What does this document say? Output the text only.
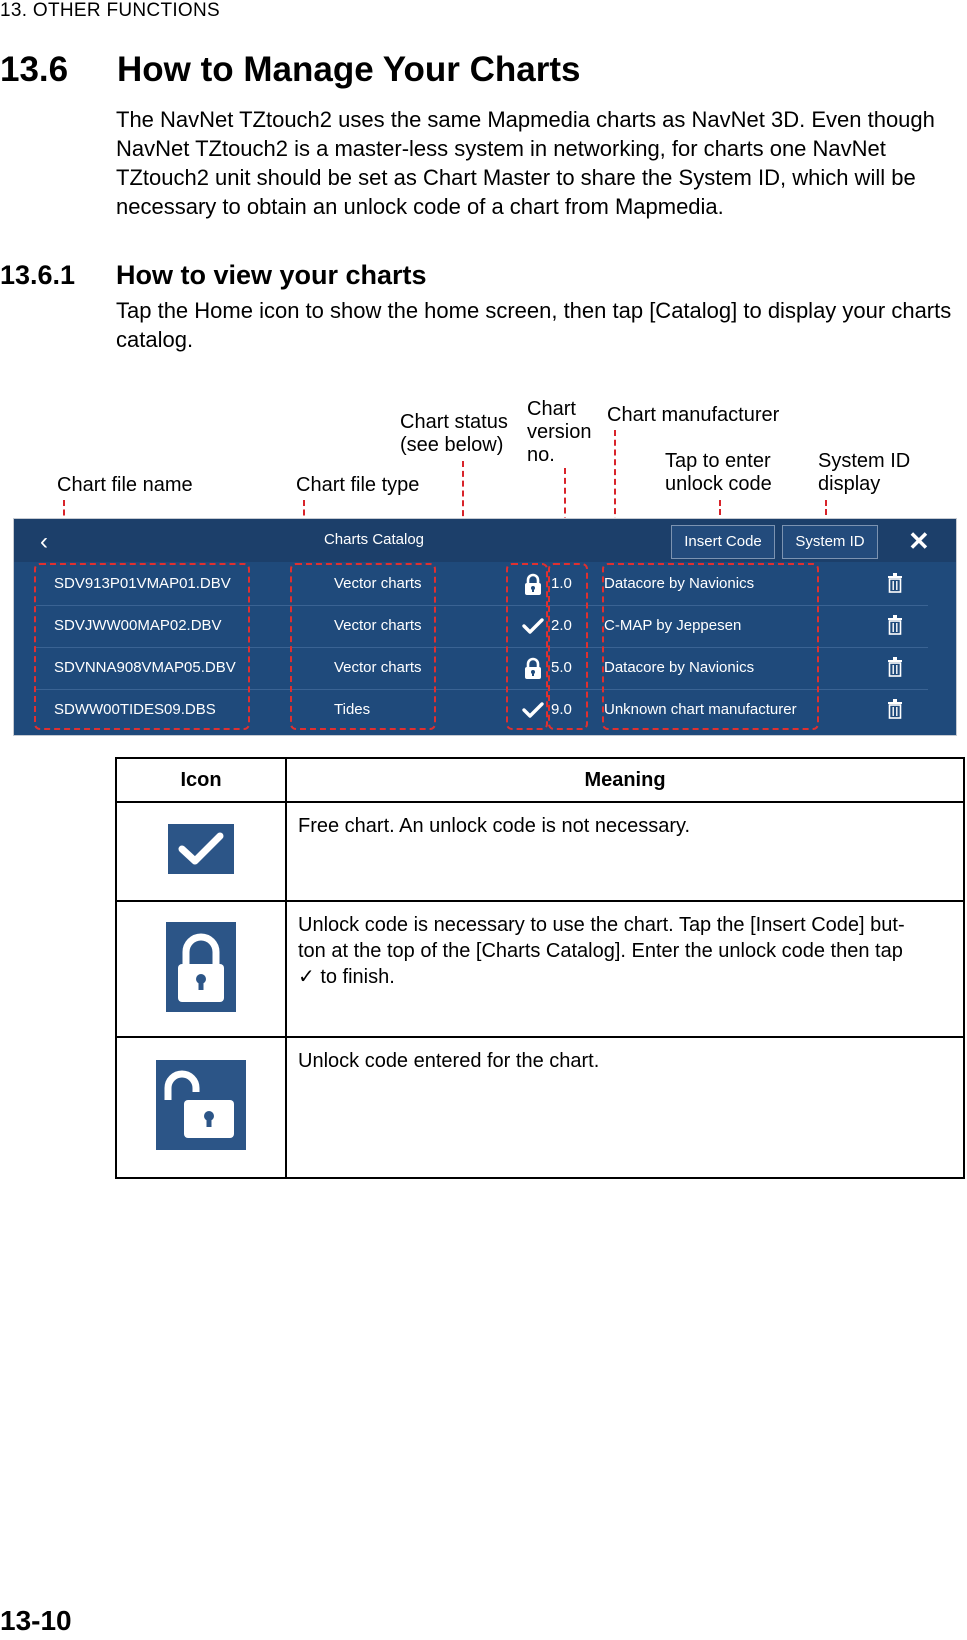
13. OTHER FUNCTIONS
13.6 How to Manage Your Charts
The NavNet TZtouch2 uses the same Mapmedia charts as NavNet 3D. Even though NavNet TZtouch2 is a master-less system in networking, for charts one NavNet TZtouch2 unit should be set as Chart Master to share the System ID, which will be necessary to obtain an unlock code of a chart from Mapmedia.
13.6.1 How to view your charts
Tap the Home icon to show the home screen, then tap [Catalog] to display your charts catalog.
Chart file name	Chart file type
Chart status
(see below)
Chart
version
no.
Chart manufacturer
Tap to enter
unlock code
System ID
display
‹	Charts Catalog	Insert Code	System ID	✕
SDV913P01VMAP01.DBV	Vector charts	1.0 Datacore by Navionics
SDVJWW00MAP02.DBV	Vector charts	2.0 C-MAP by Jeppesen
SDVNNA908VMAP05.DBV	Vector charts	5.0 Datacore by Navionics
SDWW00TIDES09.DBS	Tides	9.0 Unknown chart manufacturer
Icon	Meaning

Free chart. An unlock code is not necessary.

Unlock code is necessary to use the chart. Tap the [Insert Code] but-
ton at the top of the [Charts Catalog]. Enter the unlock code then tap
✓ to finish.

Unlock code entered for the chart.
13-10
